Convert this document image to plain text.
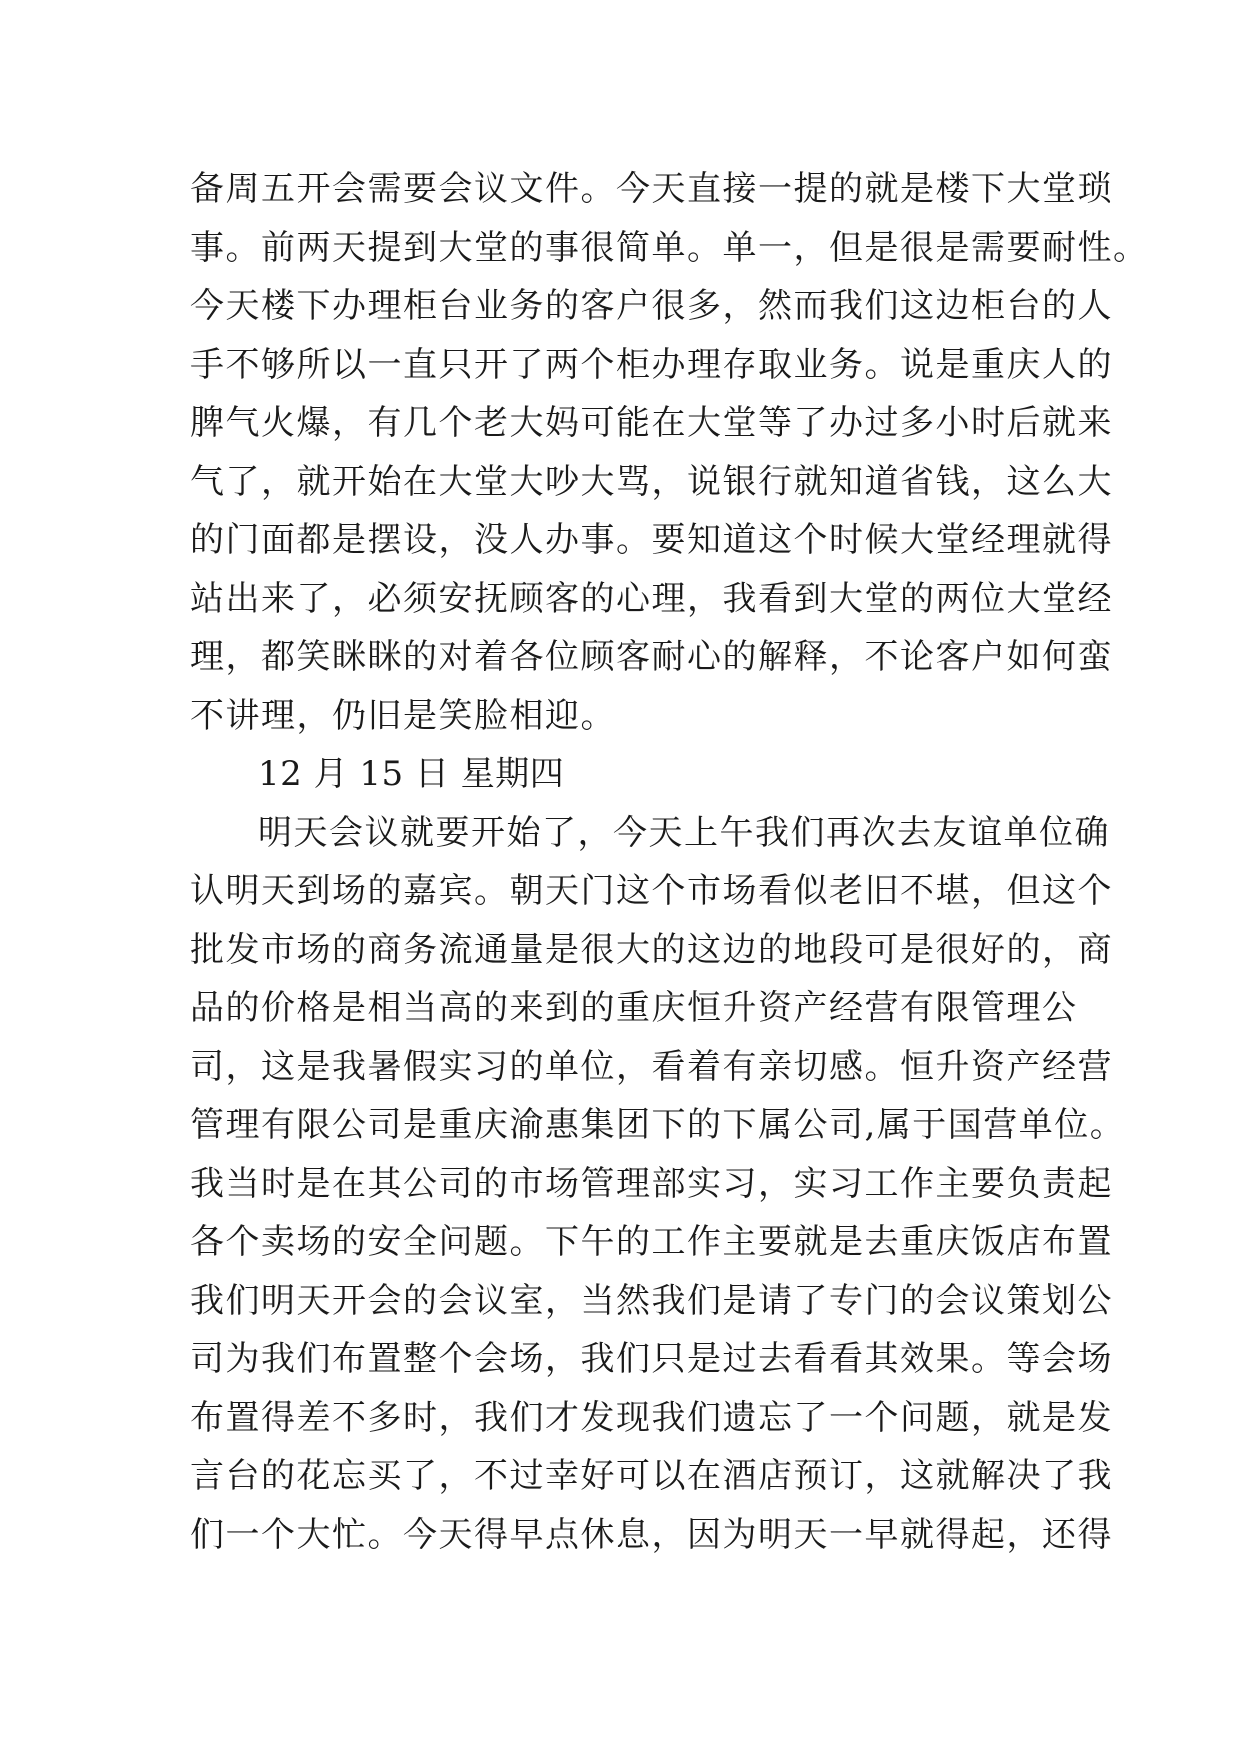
备周五开会需要会议文件。今天直接一提的就是楼下大堂琐
事。前两天提到大堂的事很简单。单一，但是很是需要耐性。
今天楼下办理柜台业务的客户很多，然而我们这边柜台的人
手不够所以一直只开了两个柜办理存取业务。说是重庆人的
脾气火爆，有几个老大妈可能在大堂等了办过多小时后就来
气了，就开始在大堂大吵大骂，说银行就知道省钱，这么大
的门面都是摆设，没人办事。要知道这个时候大堂经理就得
站出来了，必须安抚顾客的心理，我看到大堂的两位大堂经
理，都笑眯眯的对着各位顾客耐心的解释，不论客户如何蛮
不讲理，仍旧是笑脸相迎。
12 月 15 日 星期四
明天会议就要开始了，今天上午我们再次去友谊单位确
认明天到场的嘉宾。朝天门这个市场看似老旧不堪，但这个
批发市场的商务流通量是很大的这边的地段可是很好的，商
品的价格是相当高的来到的重庆恒升资产经营有限管理公
司，这是我暑假实习的单位，看着有亲切感。恒升资产经营
管理有限公司是重庆渝惠集团下的下属公司,属于国营单位。
我当时是在其公司的市场管理部实习，实习工作主要负责起
各个卖场的安全问题。下午的工作主要就是去重庆饭店布置
我们明天开会的会议室，当然我们是请了专门的会议策划公
司为我们布置整个会场，我们只是过去看看其效果。等会场
布置得差不多时，我们才发现我们遗忘了一个问题，就是发
言台的花忘买了，不过幸好可以在酒店预订，这就解决了我
们一个大忙。今天得早点休息，因为明天一早就得起，还得
